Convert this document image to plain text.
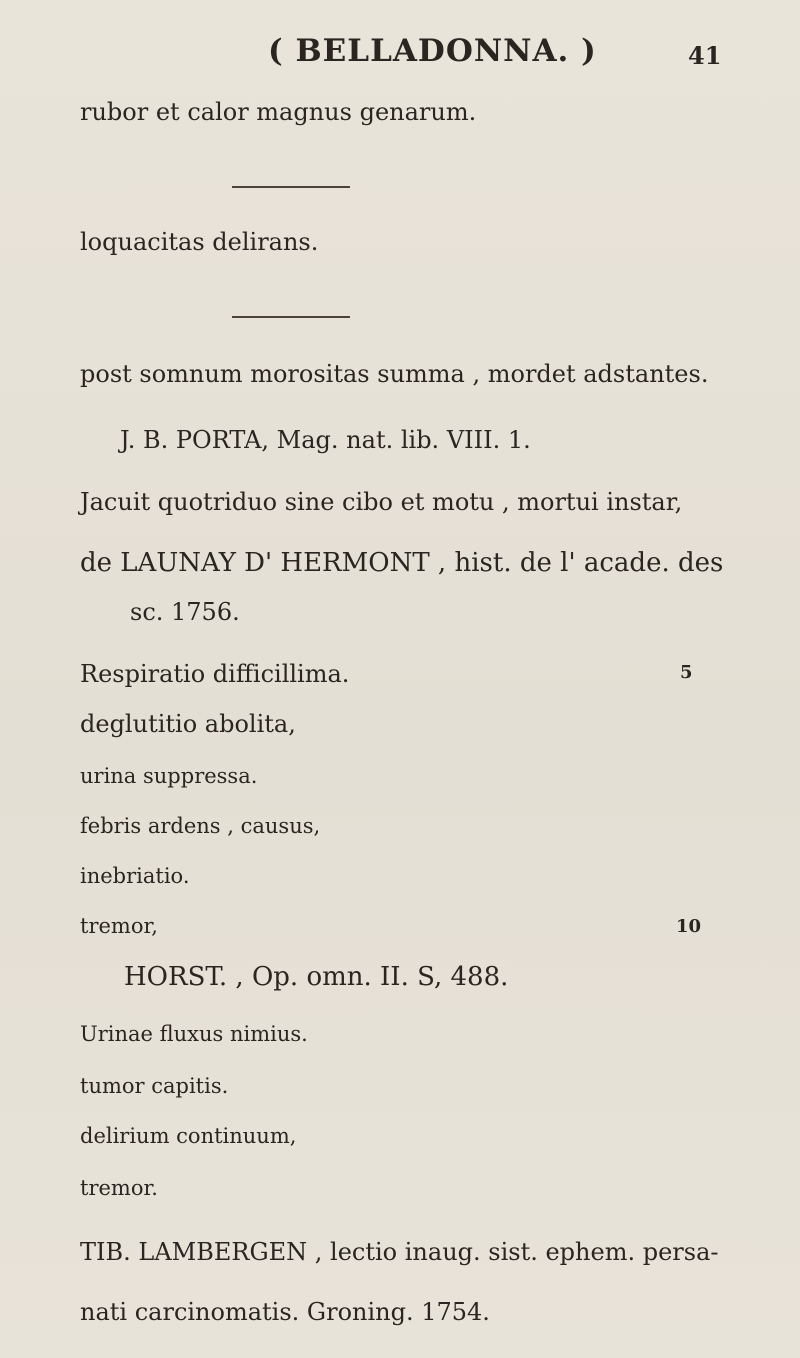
( BELLADONNA. )	41
rubor et calor magnus genarum.
loquacitas delirans.
post somnum morositas summa , mordet adstantes.
J. B. PORTA, Mag. nat. lib. VIII. 1.
Jacuit quotriduo sine cibo et motu , mortui instar,
de LAUNAY D' HERMONT , hist. de l' acade. des
sc. 1756.
Respiratio difficillima.	5
deglutitio abolita,
urina suppressa.
febris ardens , causus,
inebriatio.
tremor,	10
HORST. , Op. omn. II. S, 488.
Urinae fluxus nimius.
tumor capitis.
delirium continuum,
tremor.
TIB. LAMBERGEN , lectio inaug. sist. ephem. persa-
nati carcinomatis. Groning. 1754.
